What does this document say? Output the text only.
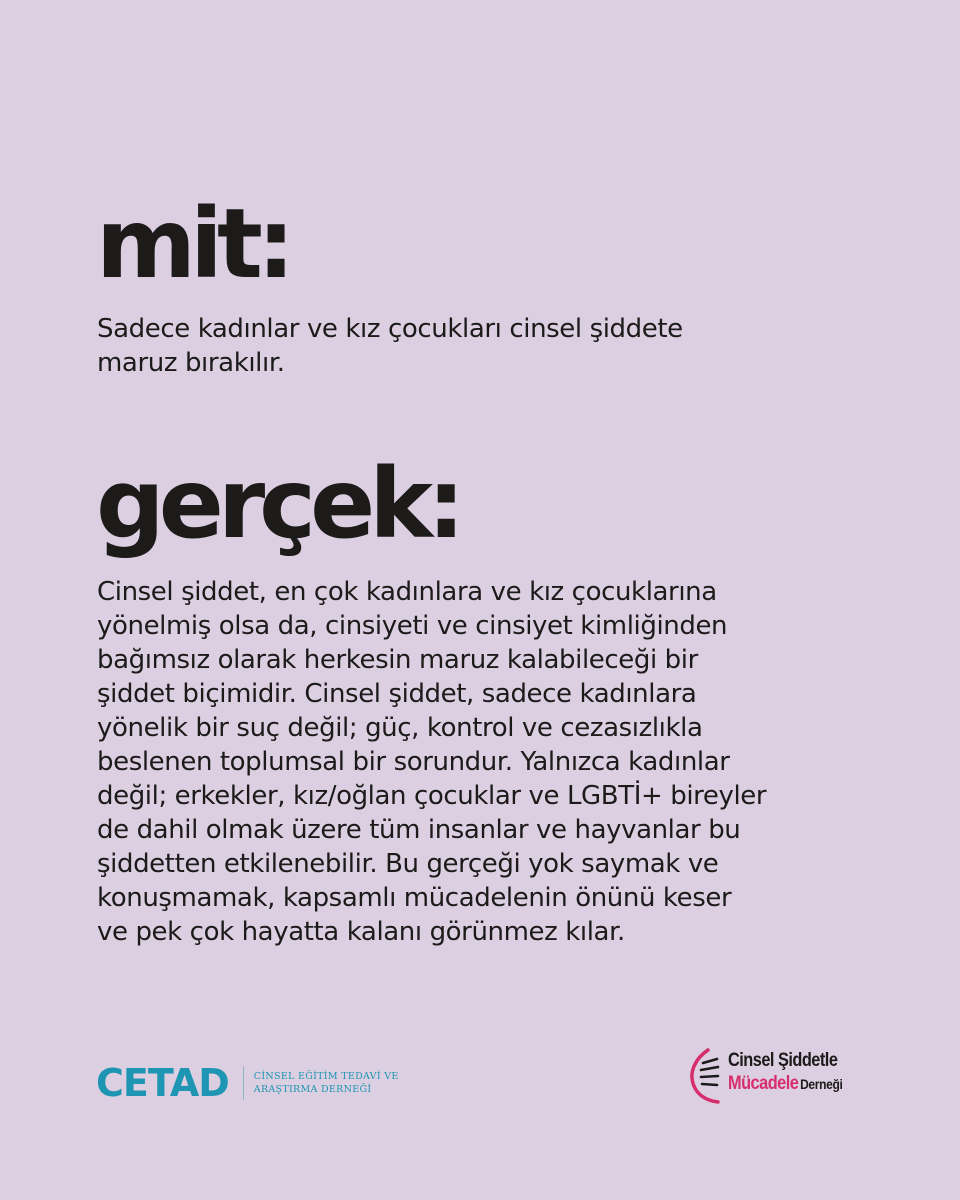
mit:

Sadece kadınlar ve kız çocukları cinsel şiddete
maruz bırakılır.

gerçek:

Cinsel şiddet, en çok kadınlara ve kız çocuklarına
yönelmiş olsa da, cinsiyeti ve cinsiyet kimliğinden
bağımsız olarak herkesin maruz kalabileceği bir
şiddet biçimidir. Cinsel şiddet, sadece kadınlara
yönelik bir suç değil; güç, kontrol ve cezasızlıkla
beslenen toplumsal bir sorundur. Yalnızca kadınlar
değil; erkekler, kız/oğlan çocuklar ve LGBTİ+ bireyler
de dahil olmak üzere tüm insanlar ve hayvanlar bu
şiddetten etkilenebilir. Bu gerçeği yok saymak ve
konuşmamak, kapsamlı mücadelenin önünü keser
ve pek çok hayatta kalanı görünmez kılar.

CETAD	CİNSEL EĞİTİM TEDAVİ VE
ARAŞTIRMA DERNEĞİ
Cinsel Şiddetle
Mücadele Derneği
